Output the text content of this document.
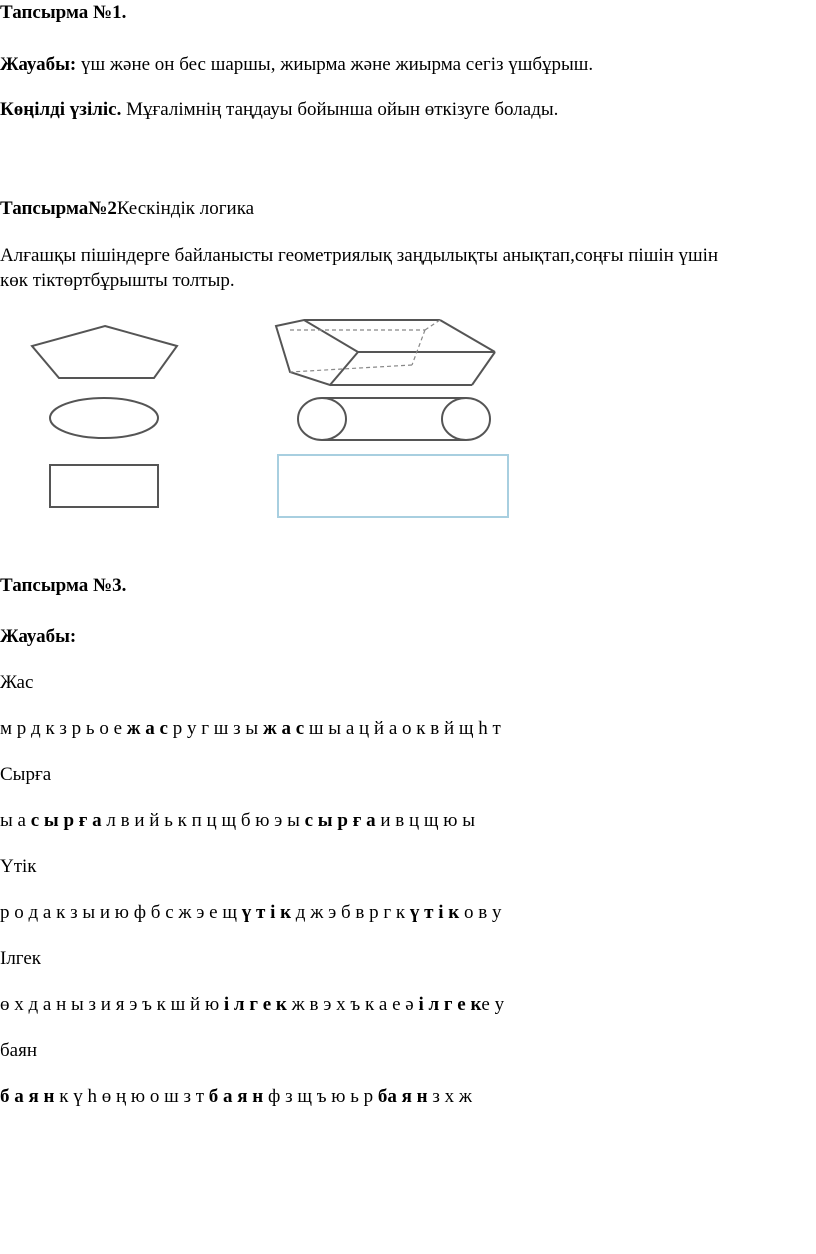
Тапсырма №1.
Жауабы: үш және он бес шаршы, жиырма және жиырма сегіз үшбұрыш.
Көңілді үзіліс. Мұғалімнің таңдауы бойынша ойын өткізуге болады.
Тапсырма№2Кескіндік логика
Алғашқы пішіндерге байланысты геометриялық заңдылықты анықтап,соңғы пішін үшін
көк тіктөртбұрышты толтыр.
Тапсырма №3.
Жауабы:
Жас
м р д к з р ь о е ж а с р у г ш з ы ж а с ш ы а ц й а о к в й щ һ т
Сырға
ы а с ы р ғ а л в и й ь к п ц щ б ю э ы с ы р ғ а и в ц щ ю ы
Үтік
р о д а к з ы и ю ф б с ж э е щ ү т і к д ж э б в р г к ү т і к о в у
Ілгек
ө х д а н ы з и я э ъ к ш й ю і л г е к ж в э х ъ к а е ә і л г е ке у
баян
б а я н к ү һ ө ң ю о ш з т б а я н ф з щ ъ ю ь р ба я н з х ж
